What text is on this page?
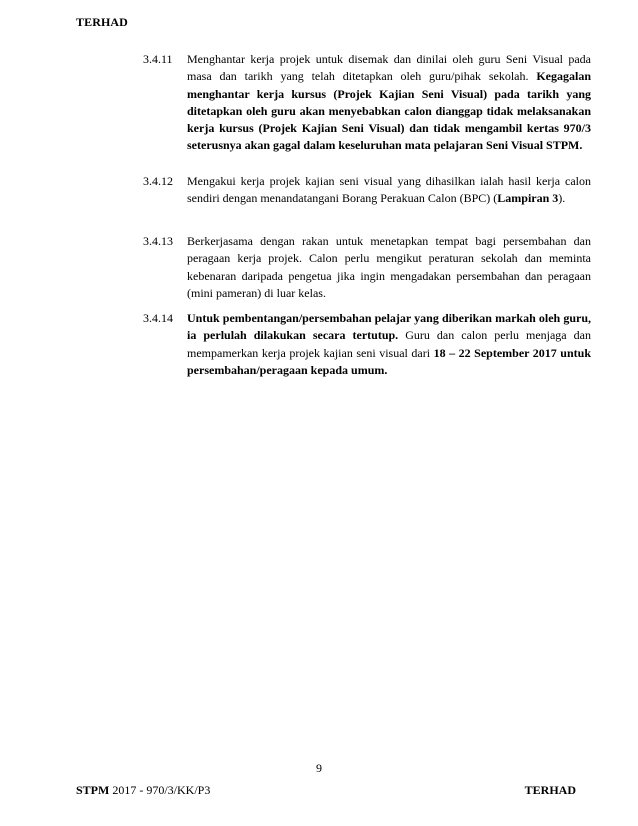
TERHAD
3.4.11	Menghantar kerja projek untuk disemak dan dinilai oleh guru Seni Visual pada masa dan tarikh yang telah ditetapkan oleh guru/pihak sekolah. Kegagalan menghantar kerja kursus (Projek Kajian Seni Visual) pada tarikh yang ditetapkan oleh guru akan menyebabkan calon dianggap tidak melaksanakan kerja kursus (Projek Kajian Seni Visual) dan tidak mengambil kertas 970/3 seterusnya akan gagal dalam keseluruhan mata pelajaran Seni Visual STPM.
3.4.12	Mengakui kerja projek kajian seni visual yang dihasilkan ialah hasil kerja calon sendiri dengan menandatangani Borang Perakuan Calon (BPC) (Lampiran 3).
3.4.13	Berkerjasama dengan rakan untuk menetapkan tempat bagi persembahan dan peragaan kerja projek. Calon perlu mengikut peraturan sekolah dan meminta kebenaran daripada pengetua jika ingin mengadakan persembahan dan peragaan (mini pameran) di luar kelas.
3.4.14	Untuk pembentangan/persembahan pelajar yang diberikan markah oleh guru, ia perlulah dilakukan secara tertutup. Guru dan calon perlu menjaga dan mempamerkan kerja projek kajian seni visual dari 18 – 22 September 2017 untuk persembahan/peragaan kepada umum.
9
STPM 2017 - 970/3/KK/P3	TERHAD
